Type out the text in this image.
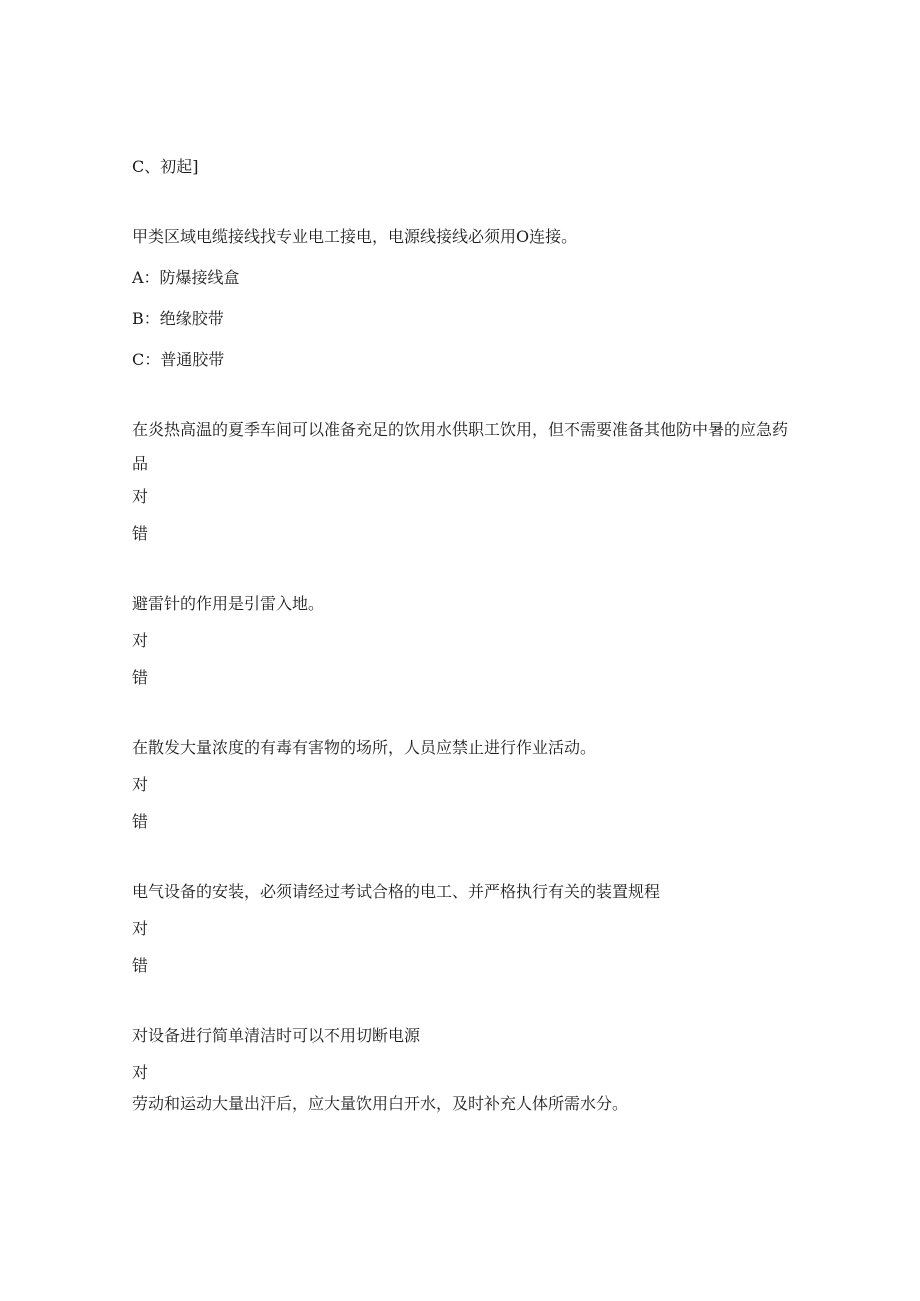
C、初起]
甲类区域电缆接线找专业电工接电，电源线接线必须用O连接。
A：防爆接线盒
B：绝缘胶带
C：普通胶带
在炎热高温的夏季车间可以准备充足的饮用水供职工饮用，但不需要准备其他防中暑的应急药品
对
错
避雷针的作用是引雷入地。
对
错
在散发大量浓度的有毒有害物的场所，人员应禁止进行作业活动。
对
错
电气设备的安装，必须请经过考试合格的电工、并严格执行有关的装置规程
对
错
对设备进行简单清洁时可以不用切断电源
对
劳动和运动大量出汗后，应大量饮用白开水，及时补充人体所需水分。
